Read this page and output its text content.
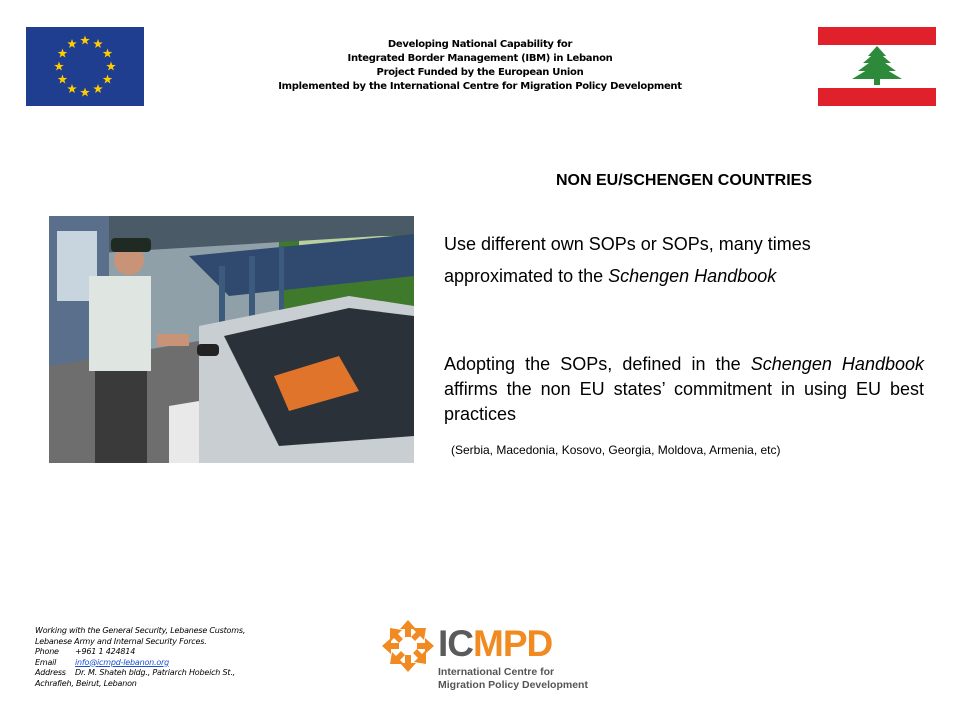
Developing National Capability for
Integrated Border Management (IBM) in Lebanon
Project Funded by the European Union
Implemented by the International Centre for Migration Policy Development
NON EU/SCHENGEN COUNTRIES
Use different own SOPs or SOPs, many times
approximated to the Schengen Handbook
Adopting the SOPs, defined in the Schengen Handbook affirms the non EU states’ commitment in using EU best practices
(Serbia, Macedonia, Kosovo, Georgia, Moldova, Armenia, etc)
Working with the General Security, Lebanese Customs,
Lebanese Army and Internal Security Forces.
Phone +961 1 424814
Email info@icmpd-lebanon.org
Address Dr. M. Shateh bldg., Patriarch Hobeich St.,
Achrafieh, Beirut, Lebanon
ICMPD
International Centre for
Migration Policy Development
